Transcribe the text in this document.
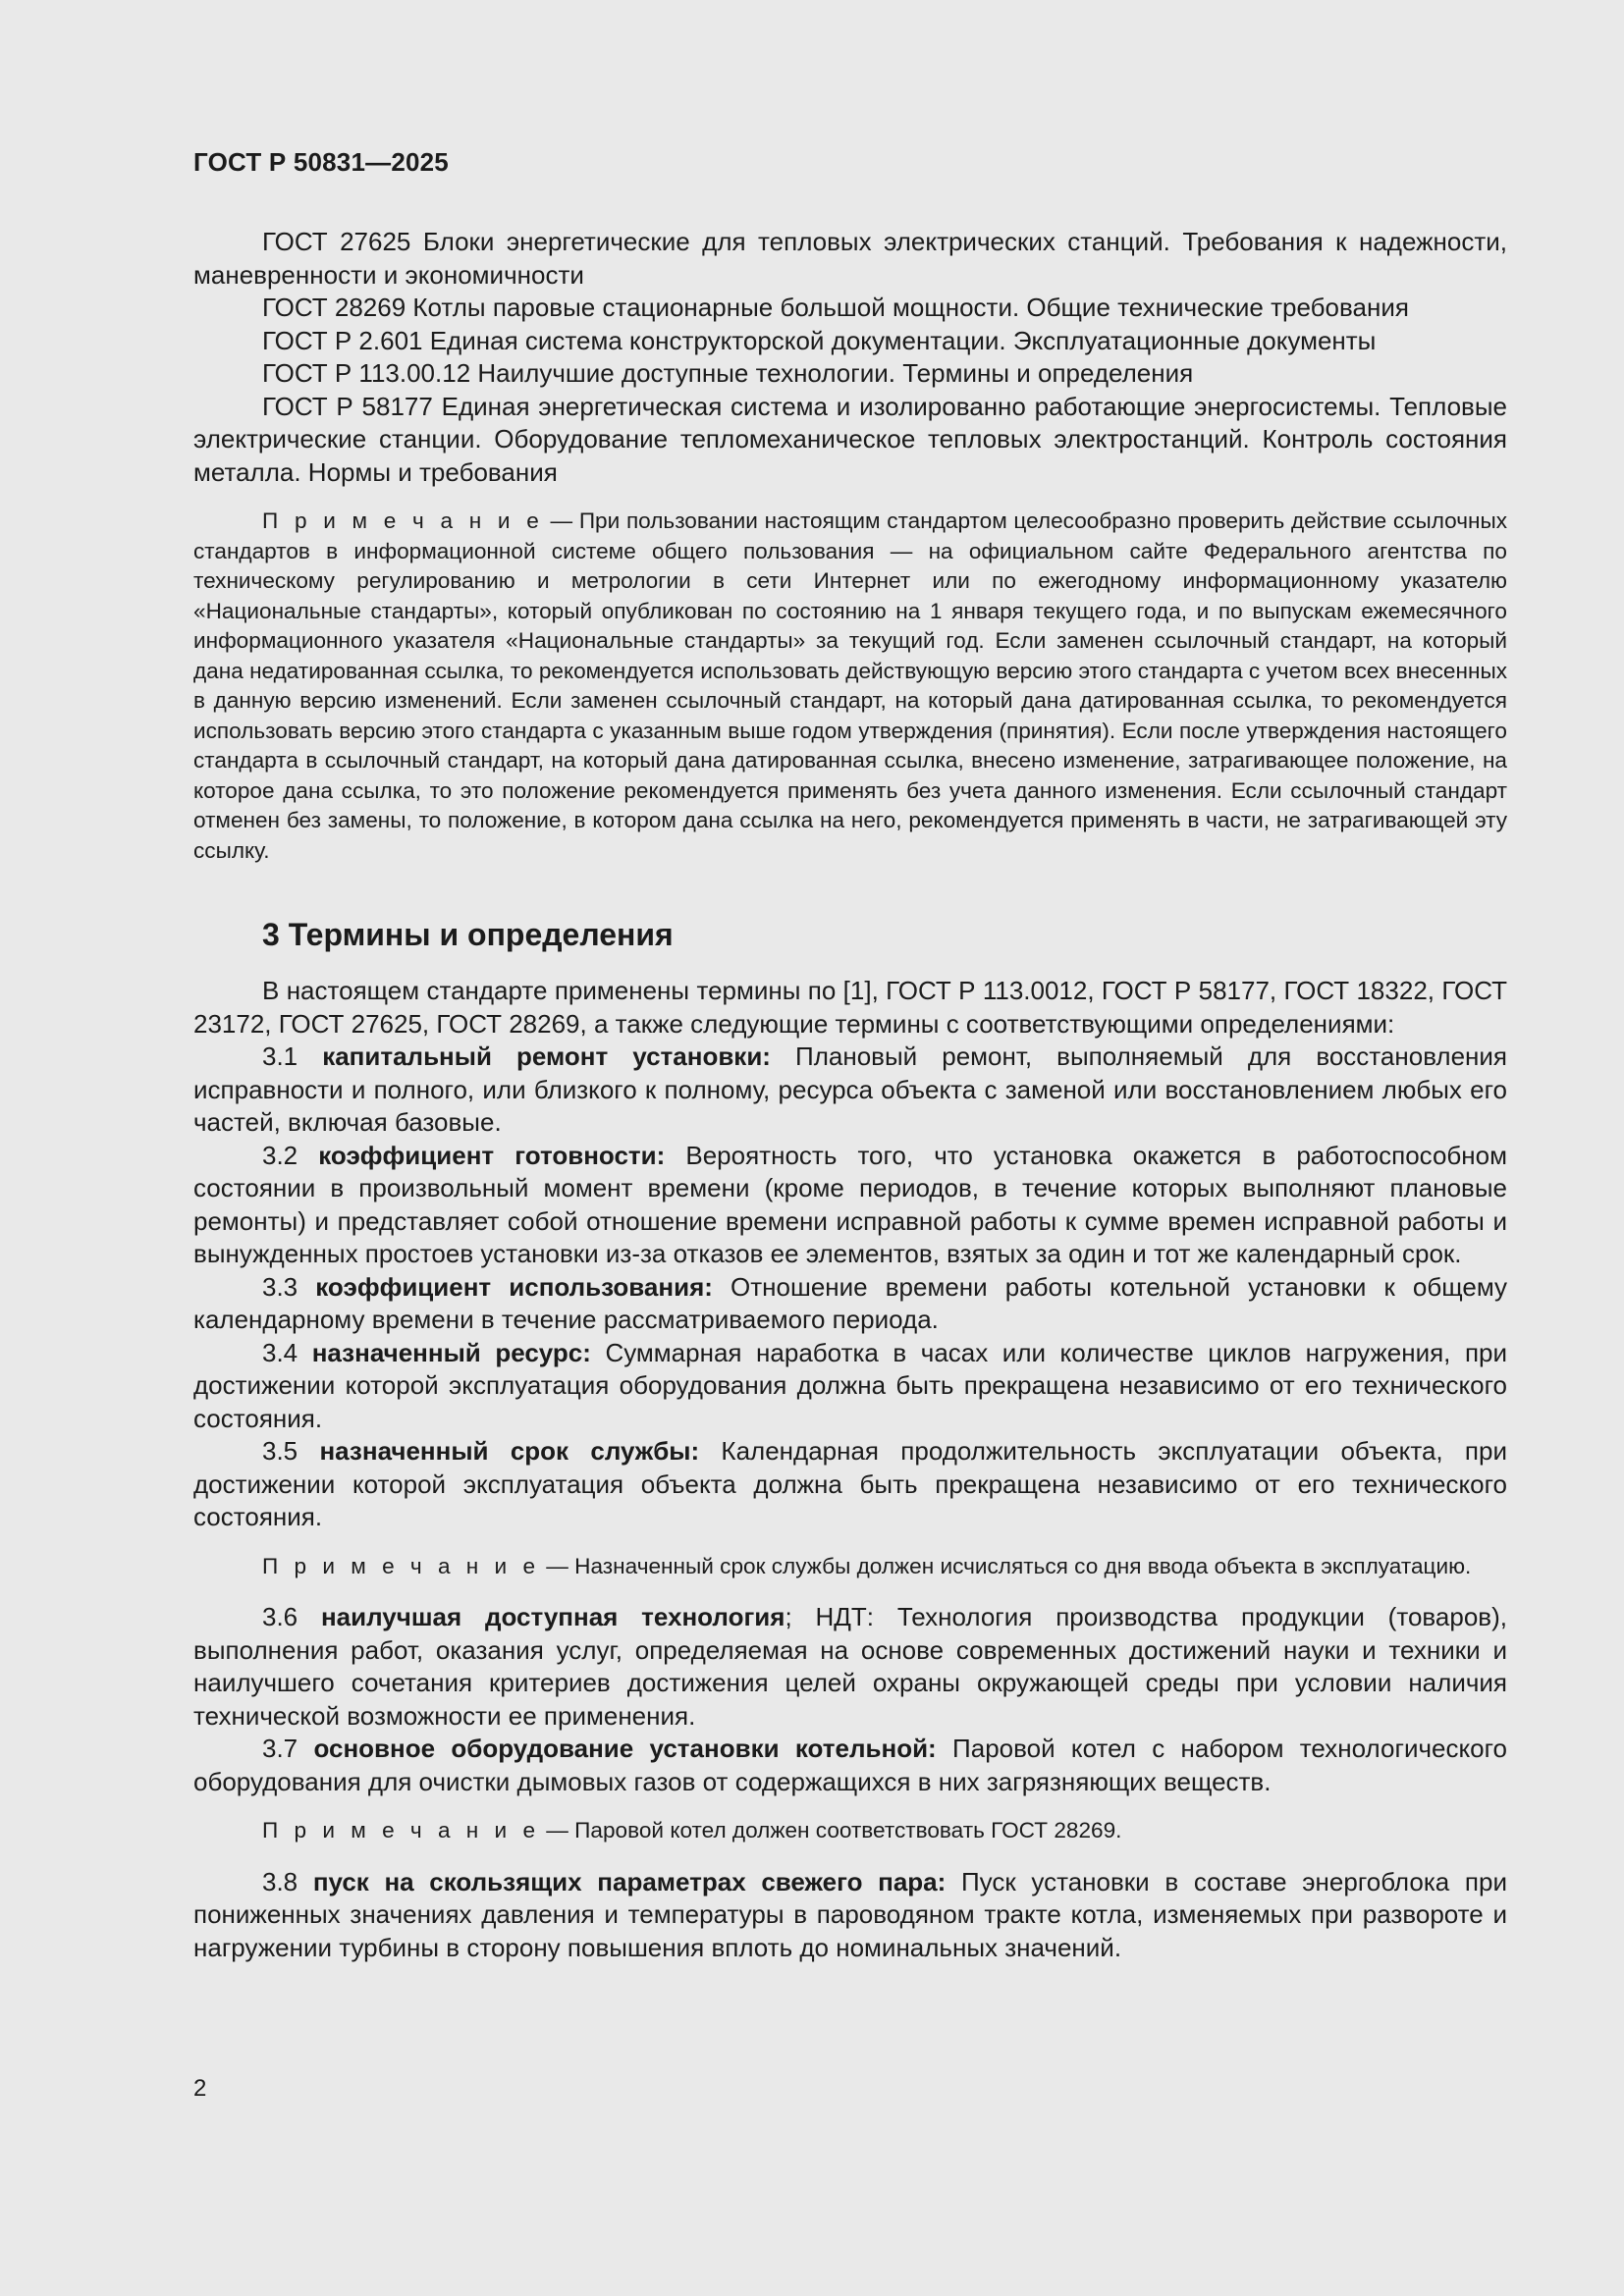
ГОСТ Р 50831—2025

ГОСТ 27625 Блоки энергетические для тепловых электрических станций. Требования к надежности, маневренности и экономичности

ГОСТ 28269 Котлы паровые стационарные большой мощности. Общие технические требования

ГОСТ Р 2.601 Единая система конструкторской документации. Эксплуатационные документы

ГОСТ Р 113.00.12 Наилучшие доступные технологии. Термины и определения

ГОСТ Р 58177 Единая энергетическая система и изолированно работающие энергосистемы. Тепловые электрические станции. Оборудование тепломеханическое тепловых электростанций. Контроль состояния металла. Нормы и требования

П р и м е ч а н и е — При пользовании настоящим стандартом целесообразно проверить действие ссылочных стандартов в информационной системе общего пользования — на официальном сайте Федерального агентства по техническому регулированию и метрологии в сети Интернет или по ежегодному информационному указателю «Национальные стандарты», который опубликован по состоянию на 1 января текущего года, и по выпускам ежемесячного информационного указателя «Национальные стандарты» за текущий год. Если заменен ссылочный стандарт, на который дана недатированная ссылка, то рекомендуется использовать действующую версию этого стандарта с учетом всех внесенных в данную версию изменений. Если заменен ссылочный стандарт, на который дана датированная ссылка, то рекомендуется использовать версию этого стандарта с указанным выше годом утверждения (принятия). Если после утверждения настоящего стандарта в ссылочный стандарт, на который дана датированная ссылка, внесено изменение, затрагивающее положение, на которое дана ссылка, то это положение рекомендуется применять без учета данного изменения. Если ссылочный стандарт отменен без замены, то положение, в котором дана ссылка на него, рекомендуется применять в части, не затрагивающей эту ссылку.

3 Термины и определения

В настоящем стандарте применены термины по [1], ГОСТ Р 113.0012, ГОСТ Р 58177, ГОСТ 18322, ГОСТ 23172, ГОСТ 27625, ГОСТ 28269, а также следующие термины с соответствующими определениями:

3.1 капитальный ремонт установки: Плановый ремонт, выполняемый для восстановления исправности и полного, или близкого к полному, ресурса объекта с заменой или восстановлением любых его частей, включая базовые.

3.2 коэффициент готовности: Вероятность того, что установка окажется в работоспособном состоянии в произвольный момент времени (кроме периодов, в течение которых выполняют плановые ремонты) и представляет собой отношение времени исправной работы к сумме времен исправной работы и вынужденных простоев установки из-за отказов ее элементов, взятых за один и тот же календарный срок.

3.3 коэффициент использования: Отношение времени работы котельной установки к общему календарному времени в течение рассматриваемого периода.

3.4 назначенный ресурс: Суммарная наработка в часах или количестве циклов нагружения, при достижении которой эксплуатация оборудования должна быть прекращена независимо от его технического состояния.

3.5 назначенный срок службы: Календарная продолжительность эксплуатации объекта, при достижении которой эксплуатация объекта должна быть прекращена независимо от его технического состояния.

П р и м е ч а н и е — Назначенный срок службы должен исчисляться со дня ввода объекта в эксплуатацию.

3.6 наилучшая доступная технология; НДТ: Технология производства продукции (товаров), выполнения работ, оказания услуг, определяемая на основе современных достижений науки и техники и наилучшего сочетания критериев достижения целей охраны окружающей среды при условии наличия технической возможности ее применения.

3.7 основное оборудование установки котельной: Паровой котел с набором технологического оборудования для очистки дымовых газов от содержащихся в них загрязняющих веществ.

П р и м е ч а н и е — Паровой котел должен соответствовать ГОСТ 28269.

3.8 пуск на скользящих параметрах свежего пара: Пуск установки в составе энергоблока при пониженных значениях давления и температуры в пароводяном тракте котла, изменяемых при развороте и нагружении турбины в сторону повышения вплоть до номинальных значений.

2
